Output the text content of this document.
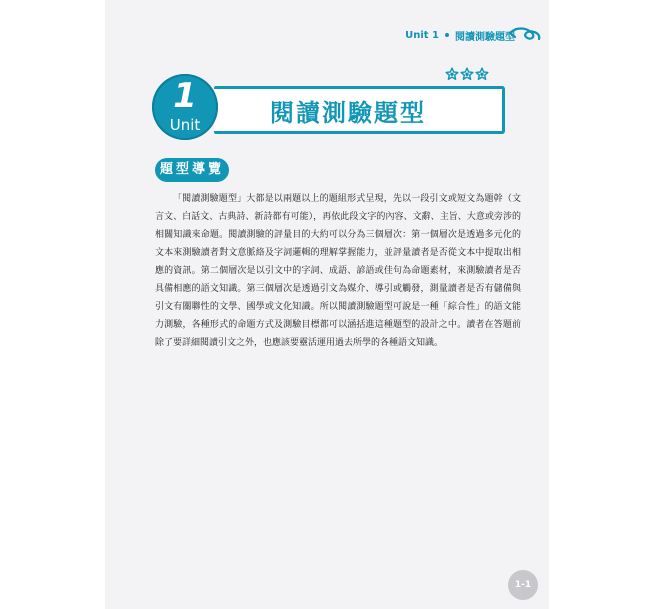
Unit 1 閱讀測驗題型
閱讀測驗題型
1
Unit
題型導覽

「閱讀測驗題型」大都是以兩題以上的題組形式呈現，先以一段引文或短文為題幹（文言文、白話文、古典詩、新詩都有可能），再依此段文字的內容、文辭、主旨、大意或旁涉的相關知識來命題。閱讀測驗的評量目的大約可以分為三個層次：第一個層次是透過多元化的文本來測驗讀者對文意脈絡及字詞邏輯的理解掌握能力，並評量讀者是否從文本中提取出相應的資訊。第二個層次是以引文中的字詞、成語、諺語或佳句為命題素材，來測驗讀者是否具備相應的語文知識。第三個層次是透過引文為媒介、導引或觸發，測量讀者是否有儲備與引文有關聯性的文學、國學或文化知識。所以閱讀測驗題型可說是一種「綜合性」的語文能力測驗，各種形式的命題方式及測驗目標都可以涵括進這種題型的設計之中。讀者在答題前除了要詳細閱讀引文之外，也應該要靈活運用過去所學的各種語文知識。

1-1
